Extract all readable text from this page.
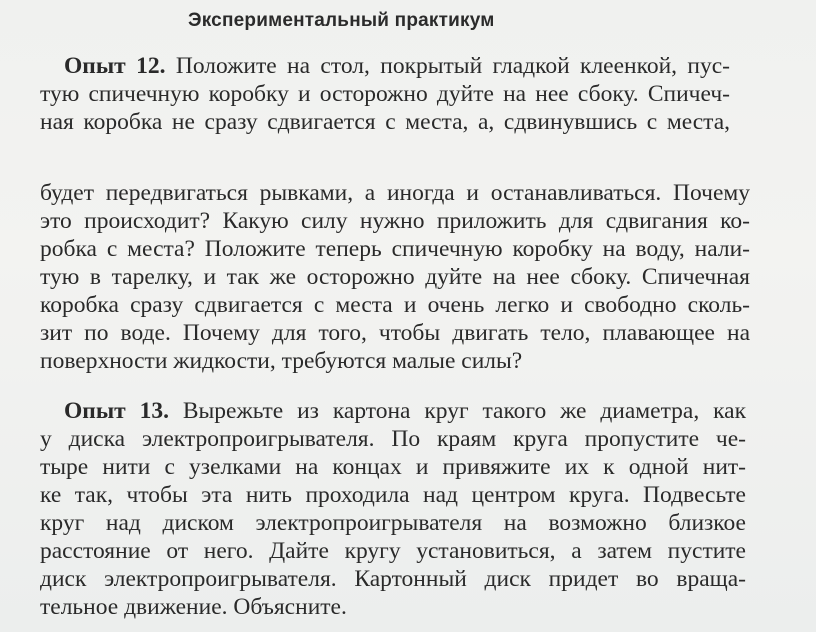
Экспериментальный практикум
Опыт 12. Положите на стол, покрытый гладкой клеенкой, пус-
тую спичечную коробку и осторожно дуйте на нее сбоку. Спичеч-
ная коробка не сразу сдвигается с места, а, сдвинувшись с места,
будет передвигаться рывками, а иногда и останавливаться. Почему
это происходит? Какую силу нужно приложить для сдвигания ко-
робка с места? Положите теперь спичечную коробку на воду, нали-
тую в тарелку, и так же осторожно дуйте на нее сбоку. Спичечная
коробка сразу сдвигается с места и очень легко и свободно сколь-
зит по воде. Почему для того, чтобы двигать тело, плавающее на
поверхности жидкости, требуются малые силы?
Опыт 13. Вырежьте из картона круг такого же диаметра, как
у диска электропроигрывателя. По краям круга пропустите че-
тыре нити с узелками на концах и привяжите их к одной нит-
ке так, чтобы эта нить проходила над центром круга. Подвесьте
круг над диском электропроигрывателя на возможно близкое
расстояние от него. Дайте кругу установиться, а затем пустите
диск электропроигрывателя. Картонный диск придет во враща-
тельное движение. Объясните.
